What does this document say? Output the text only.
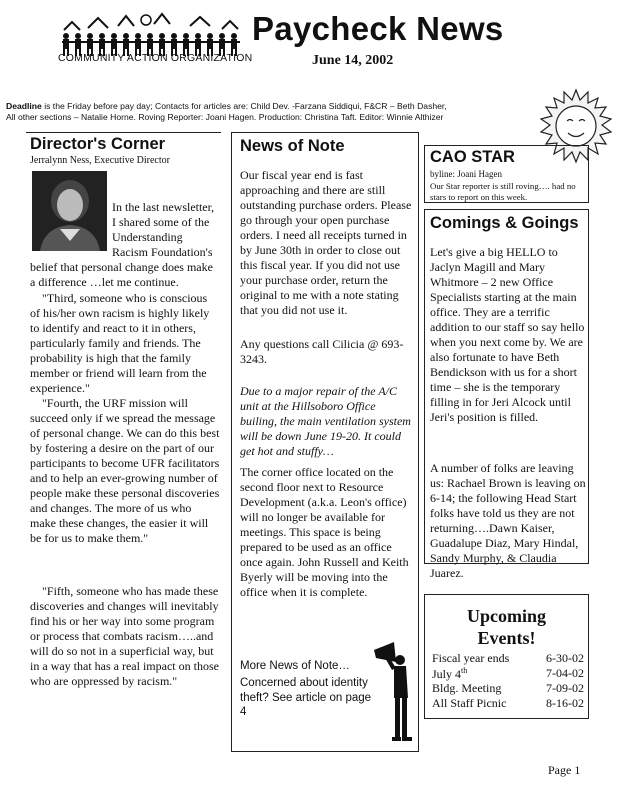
COMMUNITY ACTION ORGANIZATION
Paycheck News
June 14, 2002
Deadline is the Friday before pay day; Contacts for articles are: Child Dev. -Farzana Siddiqui, F&CR – Beth Dasher,
All other sections – Natalie Horne. Roving Reporter: Joani Hagen. Production: Christina Taft. Editor: Winnie Althizer
Director's Corner
Jerralynn Ness, Executive Director
In the last newsletter, I shared some of the Understanding Racism Foundation's belief that personal change does make a difference …let me continue.
"Third, someone who is conscious of his/her own racism is highly likely to identify and react to it in others, particularly family and friends. The probability is high that the family member or friend will learn from the experience."
"Fourth, the URF mission will succeed only if we spread the message of personal change. We can do this best by fostering a desire on the part of our participants to become UFR facilitators and to help an ever-growing number of people make these personal discoveries and changes. The more of us who make these changes, the easier it will be for us to make them."
"Fifth, someone who has made these discoveries and changes will inevitably find his or her way into some program or process that combats racism…..and will do so not in a superficial way, but in a way that has a real impact on those who are oppressed by racism."
News of Note
Our fiscal year end is fast approaching and there are still outstanding purchase orders. Please go through your open purchase orders. I need all receipts turned in by June 30th in order to close out this fiscal year. If you did not use your purchase order, return the original to me with a note stating that you did not use it.
Any questions call Cilicia @ 693-3243.
Due to a major repair of the A/C unit at the Hillsoboro Office builing, the main ventilation system will be down June 19-20. It could get hot and stuffy…
The corner office located on the second floor next to Resource Development (a.k.a. Leon's office) will no longer be available for meetings. This space is being prepared to be used as an office once again. John Russell and Keith Byerly will be moving into the office when it is complete.
More News of Note…
Concerned about identity theft? See article on page 4
CAO STAR
byline: Joani Hagen
Our Star reporter is still roving…. had no stars to report on this week.
Comings & Goings
Let's give a big HELLO to Jaclyn Magill and Mary Whitmore – 2 new Office Specialists starting at the main office. They are a terrific addition to our staff so say hello when you next come by. We are also fortunate to have Beth Bendickson with us for a short time – she is the temporary filling in for Jeri Alcock until Jeri's position is filled.
A number of folks are leaving us: Rachael Brown is leaving on 6-14; the following Head Start folks have told us they are not returning….Dawn Kaiser, Guadalupe Diaz, Mary Hindal, Sandy Murphy, & Claudia Juarez.
Upcoming
Events!
Fiscal year ends	6-30-02
July 4th	7-04-02
Bldg. Meeting	7-09-02
All Staff Picnic	8-16-02
Page 1
